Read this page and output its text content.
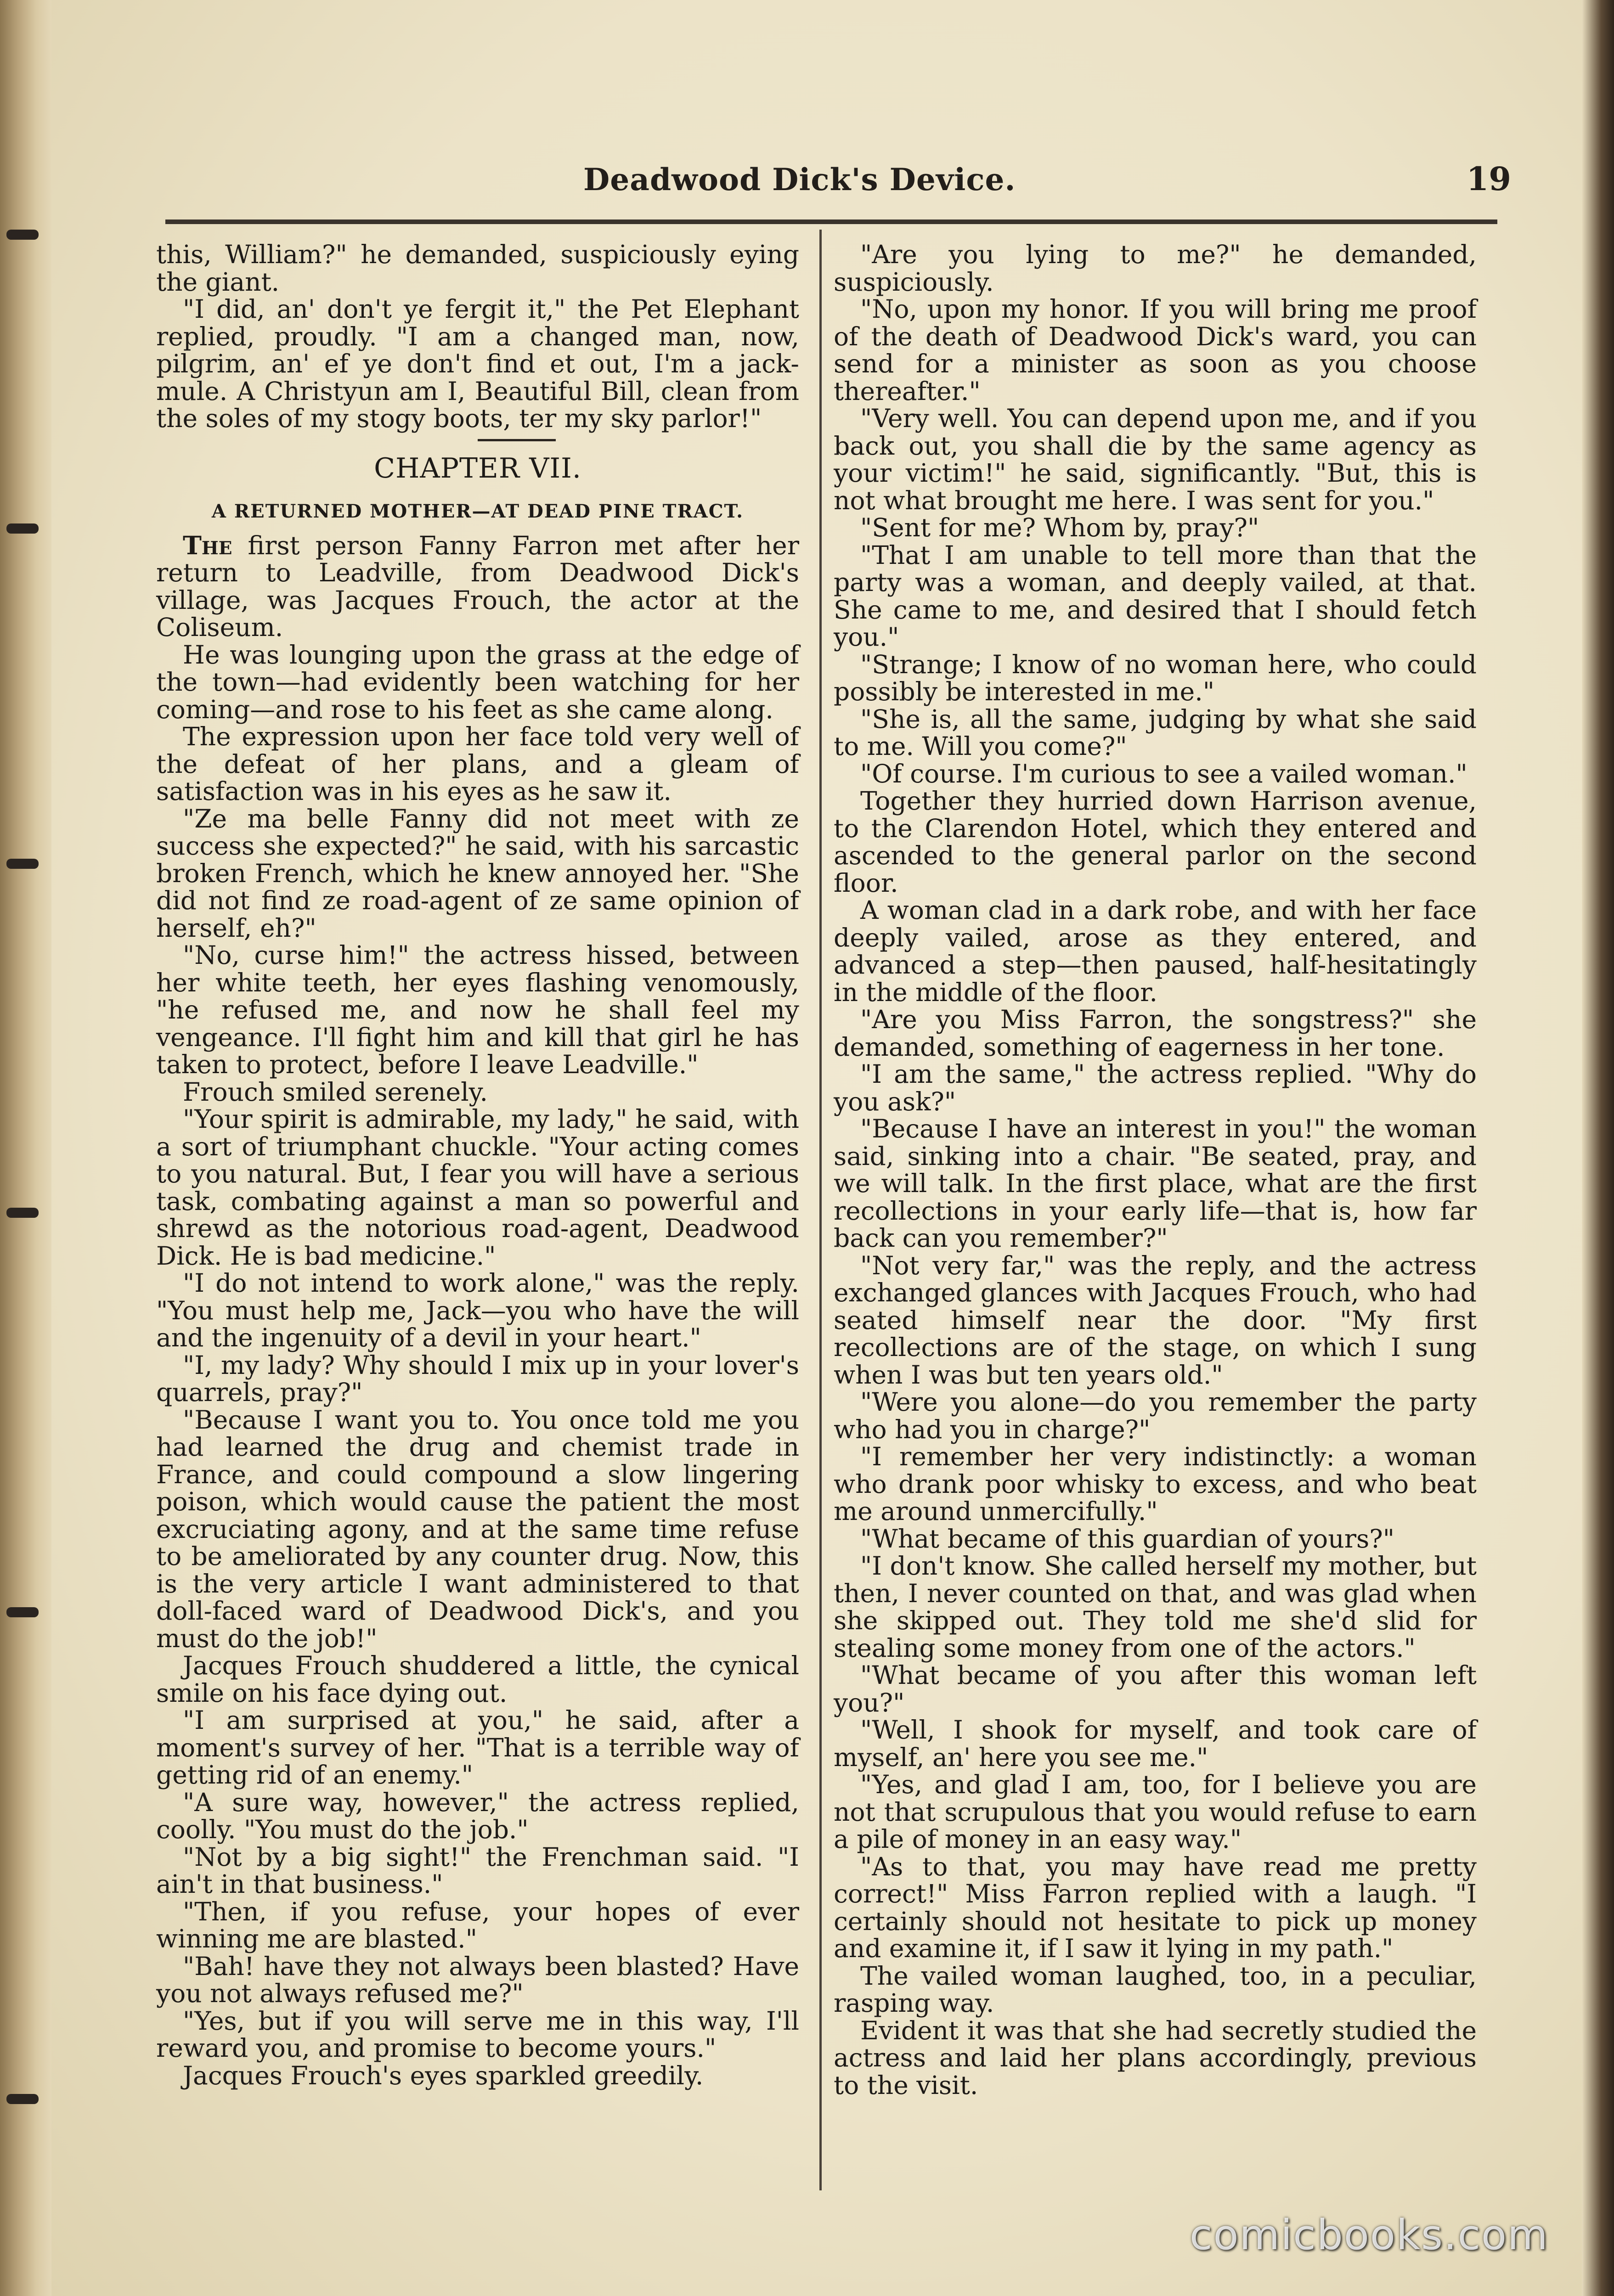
Deadwood Dick's Device.	19

this, William?" he demanded, suspiciously eying the giant.

"I did, an' don't ye fergit it," the Pet Elephant replied, proudly. "I am a changed man, now, pilgrim, an' ef ye don't find et out, I'm a jack-mule. A Christyun am I, Beautiful Bill, clean from the soles of my stogy boots, ter my sky parlor!"

CHAPTER VII.
A RETURNED MOTHER—AT DEAD PINE TRACT.

The first person Fanny Farron met after her return to Leadville, from Deadwood Dick's village, was Jacques Frouch, the actor at the Coliseum.

He was lounging upon the grass at the edge of the town—had evidently been watching for her coming—and rose to his feet as she came along.

The expression upon her face told very well of the defeat of her plans, and a gleam of satisfaction was in his eyes as he saw it.

"Ze ma belle Fanny did not meet with ze success she expected?" he said, with his sarcastic broken French, which he knew annoyed her. "She did not find ze road-agent of ze same opinion of herself, eh?"

"No, curse him!" the actress hissed, between her white teeth, her eyes flashing venomously, "he refused me, and now he shall feel my vengeance. I'll fight him and kill that girl he has taken to protect, before I leave Leadville."

Frouch smiled serenely.

"Your spirit is admirable, my lady," he said, with a sort of triumphant chuckle. "Your acting comes to you natural. But, I fear you will have a serious task, combating against a man so powerful and shrewd as the notorious road-agent, Deadwood Dick. He is bad medicine."

"I do not intend to work alone," was the reply. "You must help me, Jack—you who have the will and the ingenuity of a devil in your heart."

"I, my lady? Why should I mix up in your lover's quarrels, pray?"

"Because I want you to. You once told me you had learned the drug and chemist trade in France, and could compound a slow lingering poison, which would cause the patient the most excruciating agony, and at the same time refuse to be ameliorated by any counter drug. Now, this is the very article I want administered to that doll-faced ward of Deadwood Dick's, and you must do the job!"

Jacques Frouch shuddered a little, the cynical smile on his face dying out.

"I am surprised at you," he said, after a moment's survey of her. "That is a terrible way of getting rid of an enemy."

"A sure way, however," the actress replied, coolly. "You must do the job."

"Not by a big sight!" the Frenchman said. "I ain't in that business."

"Then, if you refuse, your hopes of ever winning me are blasted."

"Bah! have they not always been blasted? Have you not always refused me?"

"Yes, but if you will serve me in this way, I'll reward you, and promise to become yours."

Jacques Frouch's eyes sparkled greedily.

"Are you lying to me?" he demanded, suspiciously.

"No, upon my honor. If you will bring me proof of the death of Deadwood Dick's ward, you can send for a minister as soon as you choose thereafter."

"Very well. You can depend upon me, and if you back out, you shall die by the same agency as your victim!" he said, significantly. "But, this is not what brought me here. I was sent for you."

"Sent for me? Whom by, pray?"

"That I am unable to tell more than that the party was a woman, and deeply vailed, at that. She came to me, and desired that I should fetch you."

"Strange; I know of no woman here, who could possibly be interested in me."

"She is, all the same, judging by what she said to me. Will you come?"

"Of course. I'm curious to see a vailed woman."

Together they hurried down Harrison avenue, to the Clarendon Hotel, which they entered and ascended to the general parlor on the second floor.

A woman clad in a dark robe, and with her face deeply vailed, arose as they entered, and advanced a step—then paused, half-hesitatingly in the middle of the floor.

"Are you Miss Farron, the songstress?" she demanded, something of eagerness in her tone.

"I am the same," the actress replied. "Why do you ask?"

"Because I have an interest in you!" the woman said, sinking into a chair. "Be seated, pray, and we will talk. In the first place, what are the first recollections in your early life—that is, how far back can you remember?"

"Not very far," was the reply, and the actress exchanged glances with Jacques Frouch, who had seated himself near the door. "My first recollections are of the stage, on which I sung when I was but ten years old."

"Were you alone—do you remember the party who had you in charge?"

"I remember her very indistinctly: a woman who drank poor whisky to excess, and who beat me around unmercifully."

"What became of this guardian of yours?"

"I don't know. She called herself my mother, but then, I never counted on that, and was glad when she skipped out. They told me she'd slid for stealing some money from one of the actors."

"What became of you after this woman left you?"

"Well, I shook for myself, and took care of myself, an' here you see me."

"Yes, and glad I am, too, for I believe you are not that scrupulous that you would refuse to earn a pile of money in an easy way."

"As to that, you may have read me pretty correct!" Miss Farron replied with a laugh. "I certainly should not hesitate to pick up money and examine it, if I saw it lying in my path."

The vailed woman laughed, too, in a peculiar, rasping way.

Evident it was that she had secretly studied the actress and laid her plans accordingly, previous to the visit.

comicbooks.com
